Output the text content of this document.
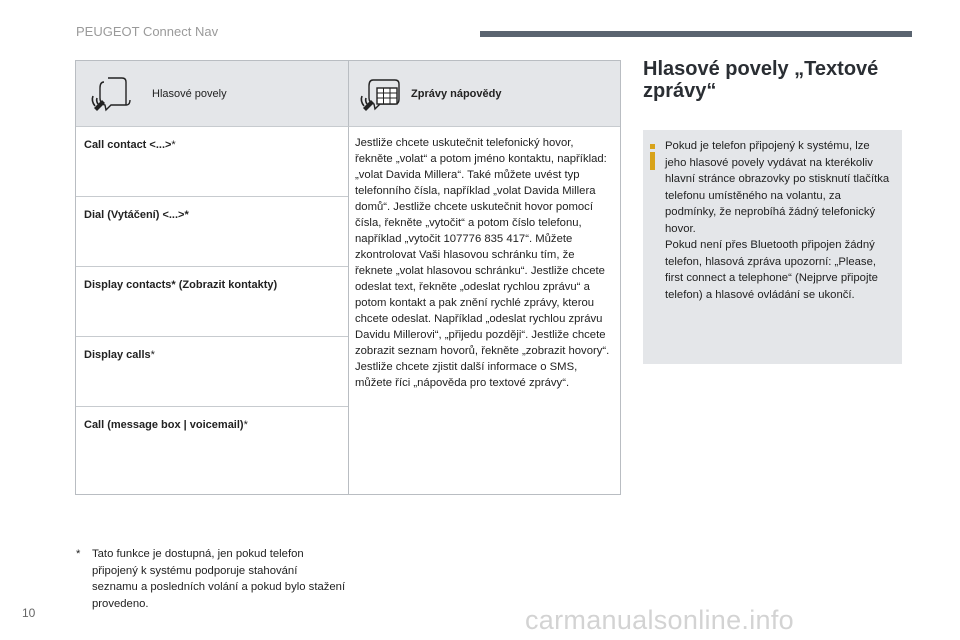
PEUGEOT Connect Nav
Hlasové povely	Zprávy nápovědy
Call contact <...>*
Dial (Vytáčení) <...>*
Display contacts* (Zobrazit kontakty)
Display calls*
Call (message box | voicemail)*
Jestliže chcete uskutečnit telefonický hovor, řekněte „volat“ a potom jméno kontaktu, například: „volat Davida Millera“. Také můžete uvést typ telefonního čísla, například „volat Davida Millera domů“. Jestliže chcete uskutečnit hovor pomocí čísla, řekněte „vytočit“ a potom číslo telefonu, například „vytočit 107776 835 417“. Můžete zkontrolovat Vaši hlasovou schránku tím, že řeknete „volat hlasovou schránku“. Jestliže chcete odeslat text, řekněte „odeslat rychlou zprávu“ a potom kontakt a pak znění rychlé zprávy, kterou chcete odeslat. Například „odeslat rychlou zprávu Davidu Millerovi“, „přijedu později“. Jestliže chcete zobrazit seznam hovorů, řekněte „zobrazit hovory“. Jestliže chcete zjistit další informace o SMS, můžete říci „nápověda pro textové zprávy“.
*	Tato funkce je dostupná, jen pokud telefon připojený k systému podporuje stahování seznamu a posledních volání a pokud bylo stažení provedeno.
10
Hlasové povely „Textové zprávy“

Pokud je telefon připojený k systému, lze jeho hlasové povely vydávat na kterékoliv hlavní stránce obrazovky po stisknutí tlačítka telefonu umístěného na volantu, za podmínky, že neprobíhá žádný telefonický hovor.

Pokud není přes Bluetooth připojen žádný telefon, hlasová zpráva upozorní: „Please, first connect a telephone“ (Nejprve připojte telefon) a hlasové ovládání se ukončí.

carmanualsonline.info
